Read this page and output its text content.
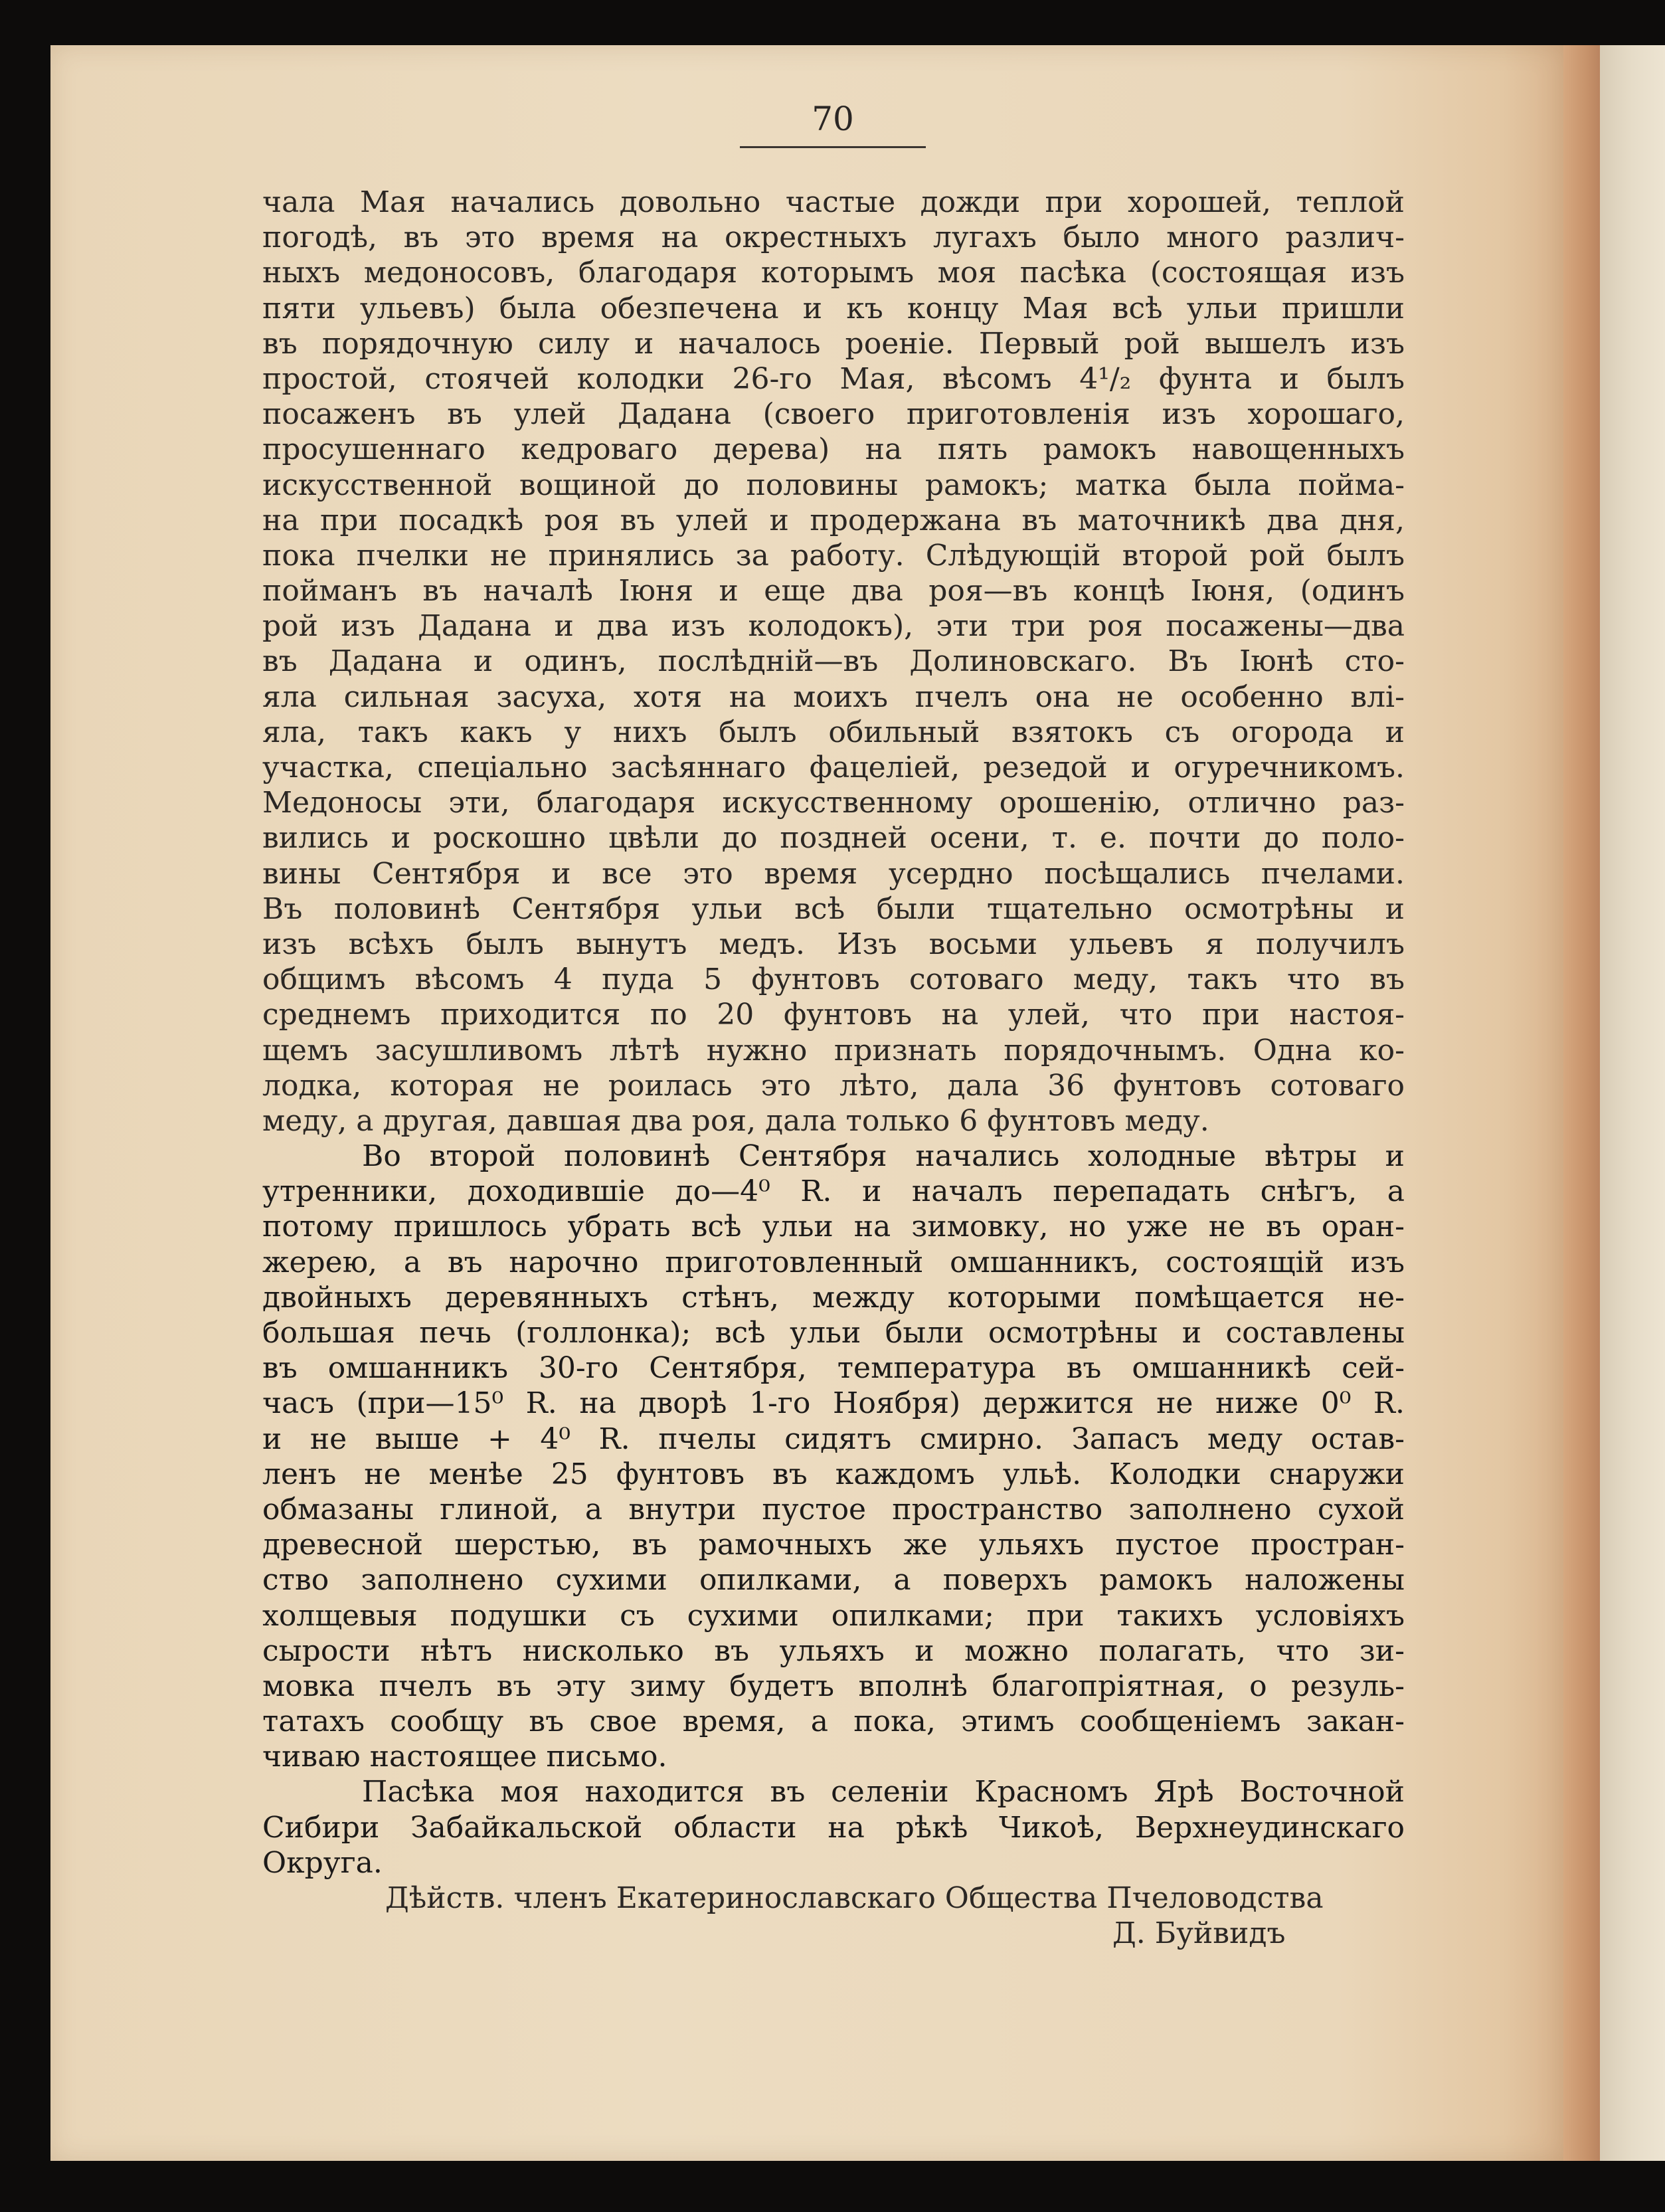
70
чала Мая начались довольно частые дожди при хорошей, теплой
погодѣ, въ это время на окрестныхъ лугахъ было много различ-
ныхъ медоносовъ, благодаря которымъ моя пасѣка (состоящая изъ
пяти ульевъ) была обезпечена и къ концу Мая всѣ ульи пришли
въ порядочную силу и началось роеніе. Первый рой вышелъ изъ
простой, стоячей колодки 26-го Мая, вѣсомъ 4¹/₂ фунта и былъ
посаженъ въ улей Дадана (своего приготовленія изъ хорошаго,
просушеннаго кедроваго дерева) на пять рамокъ навощенныхъ
искусственной вощиной до половины рамокъ; матка была пойма-
на при посадкѣ роя въ улей и продержана въ маточникѣ два дня,
пока пчелки не принялись за работу. Слѣдующій второй рой былъ
пойманъ въ началѣ Іюня и еще два роя—въ концѣ Іюня, (одинъ
рой изъ Дадана и два изъ колодокъ), эти три роя посажены—два
въ Дадана и одинъ, послѣдній—въ Долиновскаго. Въ Іюнѣ сто-
яла сильная засуха, хотя на моихъ пчелъ она не особенно влі-
яла, такъ какъ у нихъ былъ обильный взятокъ съ огорода и
участка, спеціально засѣяннаго фацеліей, резедой и огуречникомъ.
Медоносы эти, благодаря искусственному орошенію, отлично раз-
вились и роскошно цвѣли до поздней осени, т. е. почти до поло-
вины Сентября и все это время усердно посѣщались пчелами.
Въ половинѣ Сентября ульи всѣ были тщательно осмотрѣны и
изъ всѣхъ былъ вынутъ медъ. Изъ восьми ульевъ я получилъ
общимъ вѣсомъ 4 пуда 5 фунтовъ сотоваго меду, такъ что въ
среднемъ приходится по 20 фунтовъ на улей, что при настоя-
щемъ засушливомъ лѣтѣ нужно признать порядочнымъ. Одна ко-
лодка, которая не роилась это лѣто, дала 36 фунтовъ сотоваго
меду, а другая, давшая два роя, дала только 6 фунтовъ меду.
Во второй половинѣ Сентября начались холодные вѣтры и
утренники, доходившіе до—4⁰ R. и началъ перепадать снѣгъ, а
потому пришлось убрать всѣ ульи на зимовку, но уже не въ оран-
жерею, а въ нарочно приготовленный омшанникъ, состоящій изъ
двойныхъ деревянныхъ стѣнъ, между которыми помѣщается не-
большая печь (голлонка); всѣ ульи были осмотрѣны и составлены
въ омшанникъ 30-го Сентября, температура въ омшанникѣ сей-
часъ (при—15⁰ R. на дворѣ 1-го Ноября) держится не ниже 0⁰ R.
и не выше + 4⁰ R. пчелы сидятъ смирно. Запасъ меду остав-
ленъ не менѣе 25 фунтовъ въ каждомъ ульѣ. Колодки снаружи
обмазаны глиной, а внутри пустое пространство заполнено сухой
древесной шерстью, въ рамочныхъ же ульяхъ пустое простран-
ство заполнено сухими опилками, а поверхъ рамокъ наложены
холщевыя подушки съ сухими опилками; при такихъ условіяхъ
сырости нѣтъ нисколько въ ульяхъ и можно полагать, что зи-
мовка пчелъ въ эту зиму будетъ вполнѣ благопріятная, о резуль-
татахъ сообщу въ свое время, а пока, этимъ сообщеніемъ закан-
чиваю настоящее письмо.
Пасѣка моя находится въ селеніи Красномъ Ярѣ Восточной
Сибири Забайкальской области на рѣкѣ Чикоѣ, Верхнеудинскаго
Округа.
Дѣйств. членъ Екатеринославскаго Общества Пчеловодства
Д. Буйвидъ
